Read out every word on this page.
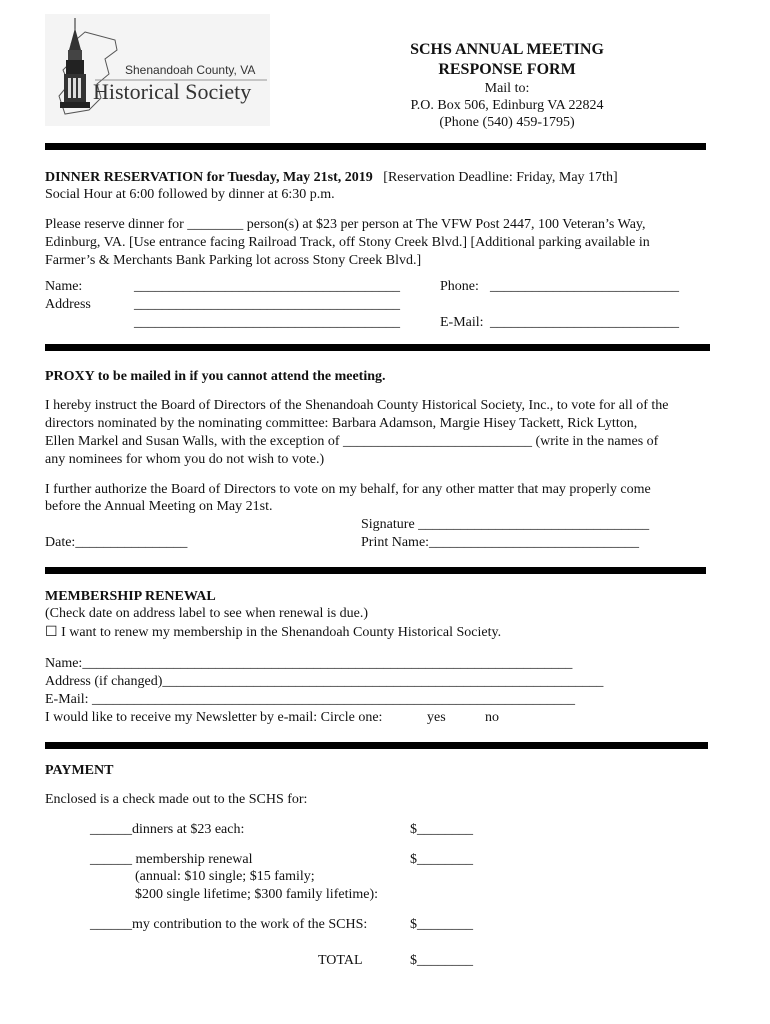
Shenandoah County, VA
Historical Society
SCHS ANNUAL MEETING
RESPONSE FORM
Mail to:
P.O. Box 506, Edinburg VA 22824
(Phone (540) 459-1795)
DINNER RESERVATION for Tuesday, May 21st, 2019 [Reservation Deadline: Friday, May 17th]
Social Hour at 6:00 followed by dinner at 6:30 p.m.
Please reserve dinner for ________ person(s) at $23 per person at The VFW Post 2447, 100 Veteran’s Way,
Edinburg, VA. [Use entrance facing Railroad Track, off Stony Creek Blvd.] [Additional parking available in
Farmer’s & Merchants Bank Parking lot across Stony Creek Blvd.]
Name:	______________________________________	Phone: ___________________________
Address	______________________________________
______________________________________	E-Mail: ___________________________
PROXY to be mailed in if you cannot attend the meeting.
I hereby instruct the Board of Directors of the Shenandoah County Historical Society, Inc., to vote for all of the
directors nominated by the nominating committee: Barbara Adamson, Margie Hisey Tackett, Rick Lytton,
Ellen Markel and Susan Walls, with the exception of ___________________________ (write in the names of
any nominees for whom you do not wish to vote.)
I further authorize the Board of Directors to vote on my behalf, for any other matter that may properly come
before the Annual Meeting on May 21st.
Signature _________________________________
Date:________________	Print Name:______________________________
MEMBERSHIP RENEWAL
(Check date on address label to see when renewal is due.)
☐ I want to renew my membership in the Shenandoah County Historical Society.
Name:______________________________________________________________________
Address (if changed)_______________________________________________________________
E-Mail: _____________________________________________________________________
I would like to receive my Newsletter by e-mail: Circle one:	yes	no
PAYMENT
Enclosed is a check made out to the SCHS for:
______dinners at $23 each:	$________
______ membership renewal	$________
(annual: $10 single; $15 family;
$200 single lifetime; $300 family lifetime):
______my contribution to the work of the SCHS:	$________
TOTAL	$________
